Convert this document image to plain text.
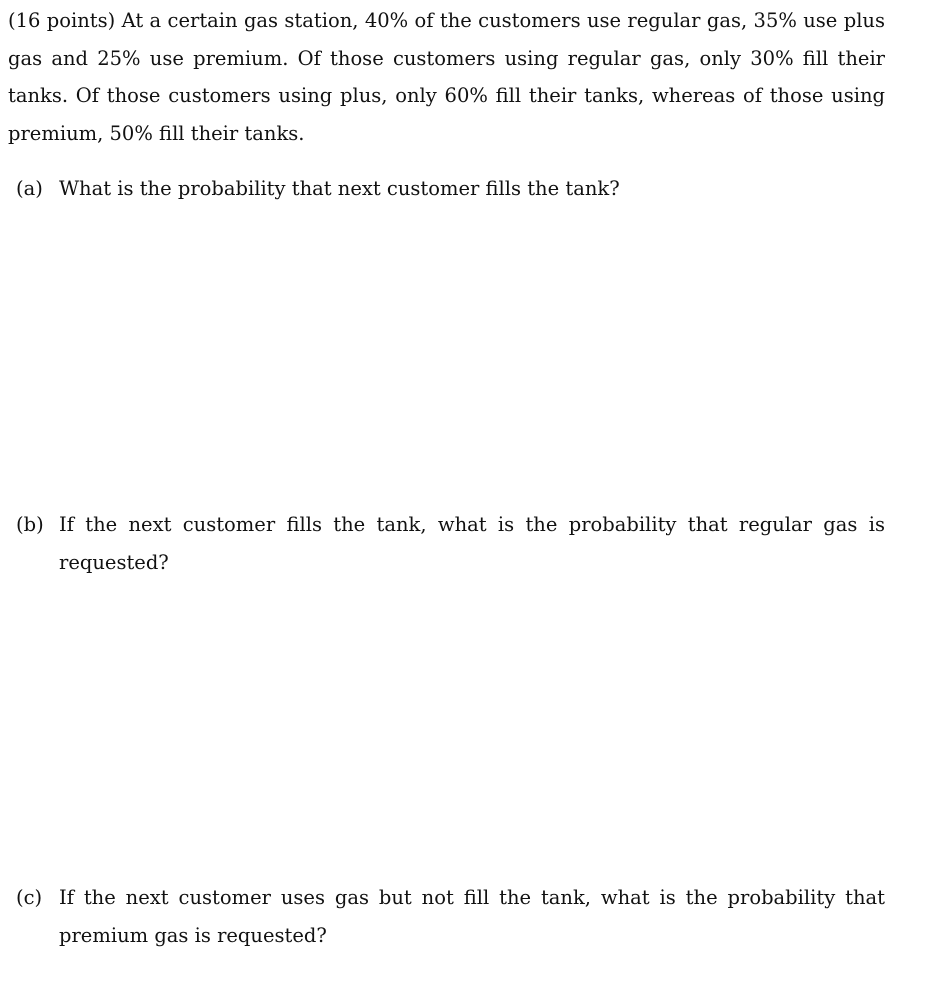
(16 points) At a certain gas station, 40% of the customers use regular gas, 35% use plus gas and 25% use premium. Of those customers using regular gas, only 30% fill their tanks. Of those customers using plus, only 60% fill their tanks, whereas of those using premium, 50% fill their tanks.

(a) What is the probability that next customer fills the tank?
(b) If the next customer fills the tank, what is the probability that regular gas is requested?
(c) If the next customer uses gas but not fill the tank, what is the probability that premium gas is requested?
